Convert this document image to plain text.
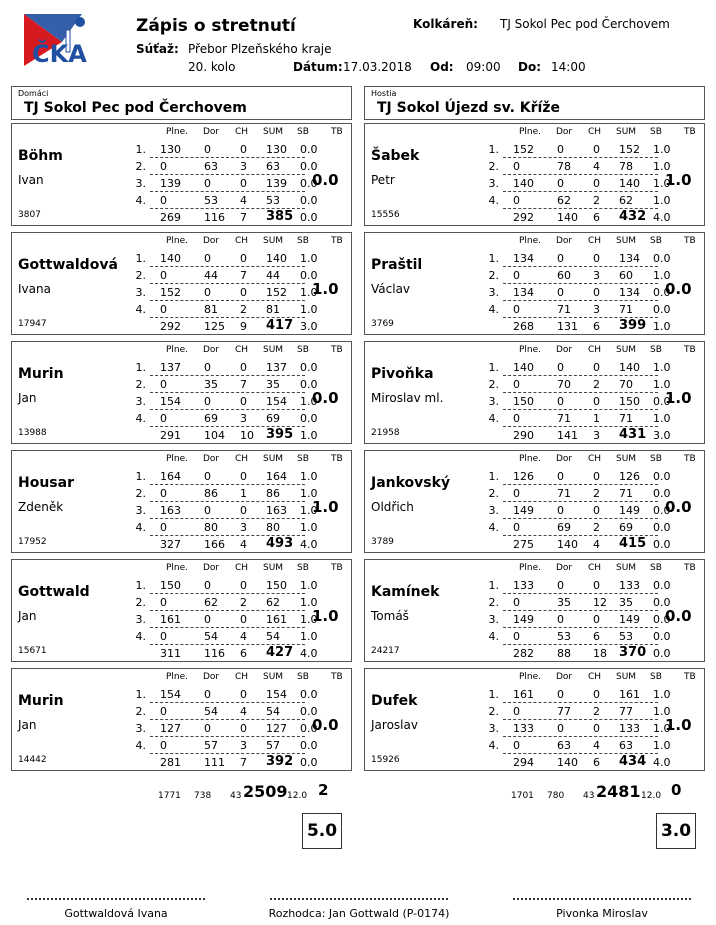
ČKA
Zápis o stretnutí	Kolkáreň: TJ Sokol Pec pod Čerchovem
Súťaž: Přebor Plzeňského kraje
20. kolo	Dátum: 17.03.2018 Od: 09:00 Do: 14:00
Domáci
TJ Sokol Pec pod Čerchovem
Hostia
TJ Sokol Újezd sv. Kříže
Plne. Dor CH SUM SB TB
Böhm
Ivan
3807
0.0
1. 130 0	0 130 0.0
2. 0	63 3 63 0.0
3. 139 0	0 139 0.0
4. 0	53 4 53 0.0
269 116 7 385 0.0
Plne. Dor CH SUM SB TB
Gottwaldová
Ivana
17947
1.0
1. 140 0	0 140 1.0
2. 0	44 7 44 0.0
3. 152 0	0 152 1.0
4. 0	81 2 81 1.0
292 125 9 417 3.0
Plne. Dor CH SUM SB TB
Murin
Jan
13988
0.0
1. 137 0	0 137 0.0
2. 0	35 7 35 0.0
3. 154 0	0 154 1.0
4. 0	69 3 69 0.0
291 104 10 395 1.0
Plne. Dor CH SUM SB TB
Housar
Zdeněk
17952
1.0
1. 164 0	0 164 1.0
2. 0	86 1 86 1.0
3. 163 0	0 163 1.0
4. 0	80 3 80 1.0
327 166 4 493 4.0
Plne. Dor CH SUM SB TB
Gottwald
Jan
15671
1.0
1. 150 0	0 150 1.0
2. 0	62 2 62 1.0
3. 161 0	0 161 1.0
4. 0	54 4 54 1.0
311 116 6 427 4.0
Plne. Dor CH SUM SB TB
Murin
Jan
14442
0.0
1. 154 0	0 154 0.0
2. 0	54 4 54 0.0
3. 127 0	0 127 0.0
4. 0	57 3 57 0.0
281 111 7 392 0.0
Plne. Dor CH SUM SB TB
Šabek
Petr
15556
1.0
1. 152 0	0 152 1.0
2. 0	78 4 78 1.0
3. 140 0	0 140 1.0
4. 0	62 2 62 1.0
292 140 6 432 4.0
Plne. Dor CH SUM SB TB
Praštil
Václav
3769
0.0
1. 134 0	0 134 0.0
2. 0	60 3 60 1.0
3. 134 0	0 134 0.0
4. 0	71 3 71 0.0
268 131 6 399 1.0
Plne. Dor CH SUM SB TB
Pivoňka
Miroslav ml.
21958
1.0
1. 140 0	0 140 1.0
2. 0	70 2 70 1.0
3. 150 0	0 150 0.0
4. 0	71 1 71 1.0
290 141 3 431 3.0
Plne. Dor CH SUM SB TB
Jankovský
Oldřich
3789
0.0
1. 126 0	0 126 0.0
2. 0	71 2 71 0.0
3. 149 0	0 149 0.0
4. 0	69 2 69 0.0
275 140 4 415 0.0
Plne. Dor CH SUM SB TB
Kamínek
Tomáš
24217
0.0
1. 133 0	0 133 0.0
2. 0	35 12 35 0.0
3. 149 0	0 149 0.0
4. 0	53 6 53 0.0
282 88 18 370 0.0
Plne. Dor CH SUM SB TB
Dufek
Jaroslav
15926
1.0
1. 161 0	0 161 1.0
2. 0	77 2 77 1.0
3. 133 0	0 133 1.0
4. 0	63 4 63 1.0
294 140 6 434 4.0
1771 738 43 2509 12.0 2
5.0
1701 780 43 2481 12.0 0
3.0
Gottwaldová Ivana	Rozhodca: Jan Gottwald (P-0174)	Pivonka Miroslav
